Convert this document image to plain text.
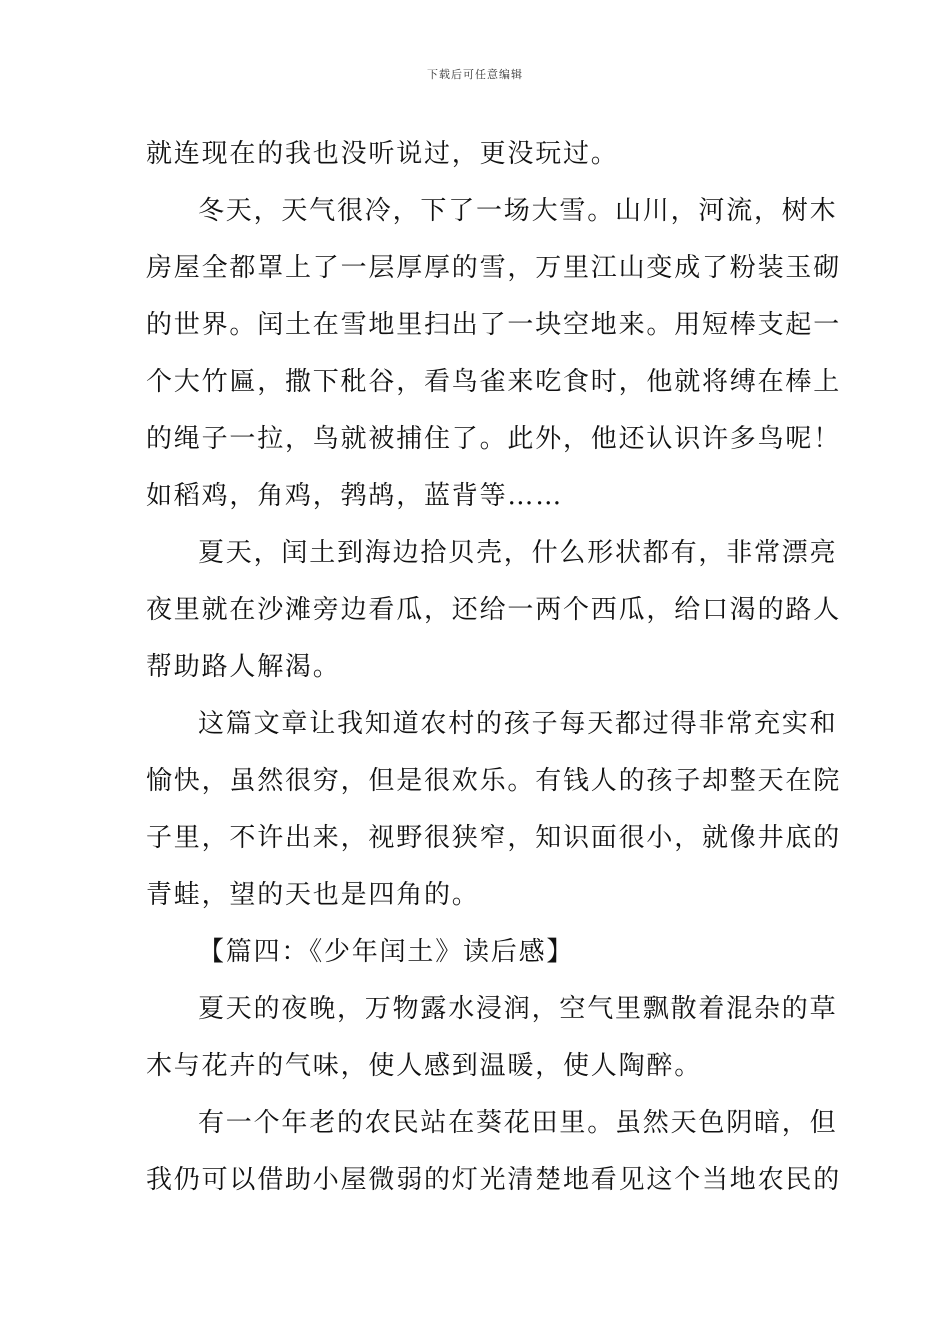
下载后可任意编辑
就连现在的我也没听说过，更没玩过。
冬天，天气很冷，下了一场大雪。山川，河流，树木
房屋全都罩上了一层厚厚的雪，万里江山变成了粉装玉砌
的世界。闰土在雪地里扫出了一块空地来。用短棒支起一
个大竹匾，撒下秕谷，看鸟雀来吃食时，他就将缚在棒上
的绳子一拉，鸟就被捕住了。此外，他还认识许多鸟呢！
如稻鸡，角鸡，鹁鸪，蓝背等……
夏天，闰土到海边拾贝壳，什么形状都有，非常漂亮
夜里就在沙滩旁边看瓜，还给一两个西瓜，给口渴的路人
帮助路人解渴。
这篇文章让我知道农村的孩子每天都过得非常充实和
愉快，虽然很穷，但是很欢乐。有钱人的孩子却整天在院
子里，不许出来，视野很狭窄，知识面很小，就像井底的
青蛙，望的天也是四角的。
【篇四：《少年闰土》读后感】
夏天的夜晚，万物露水浸润，空气里飘散着混杂的草
木与花卉的气味，使人感到温暖，使人陶醉。
有一个年老的农民站在葵花田里。虽然天色阴暗，但
我仍可以借助小屋微弱的灯光清楚地看见这个当地农民的
